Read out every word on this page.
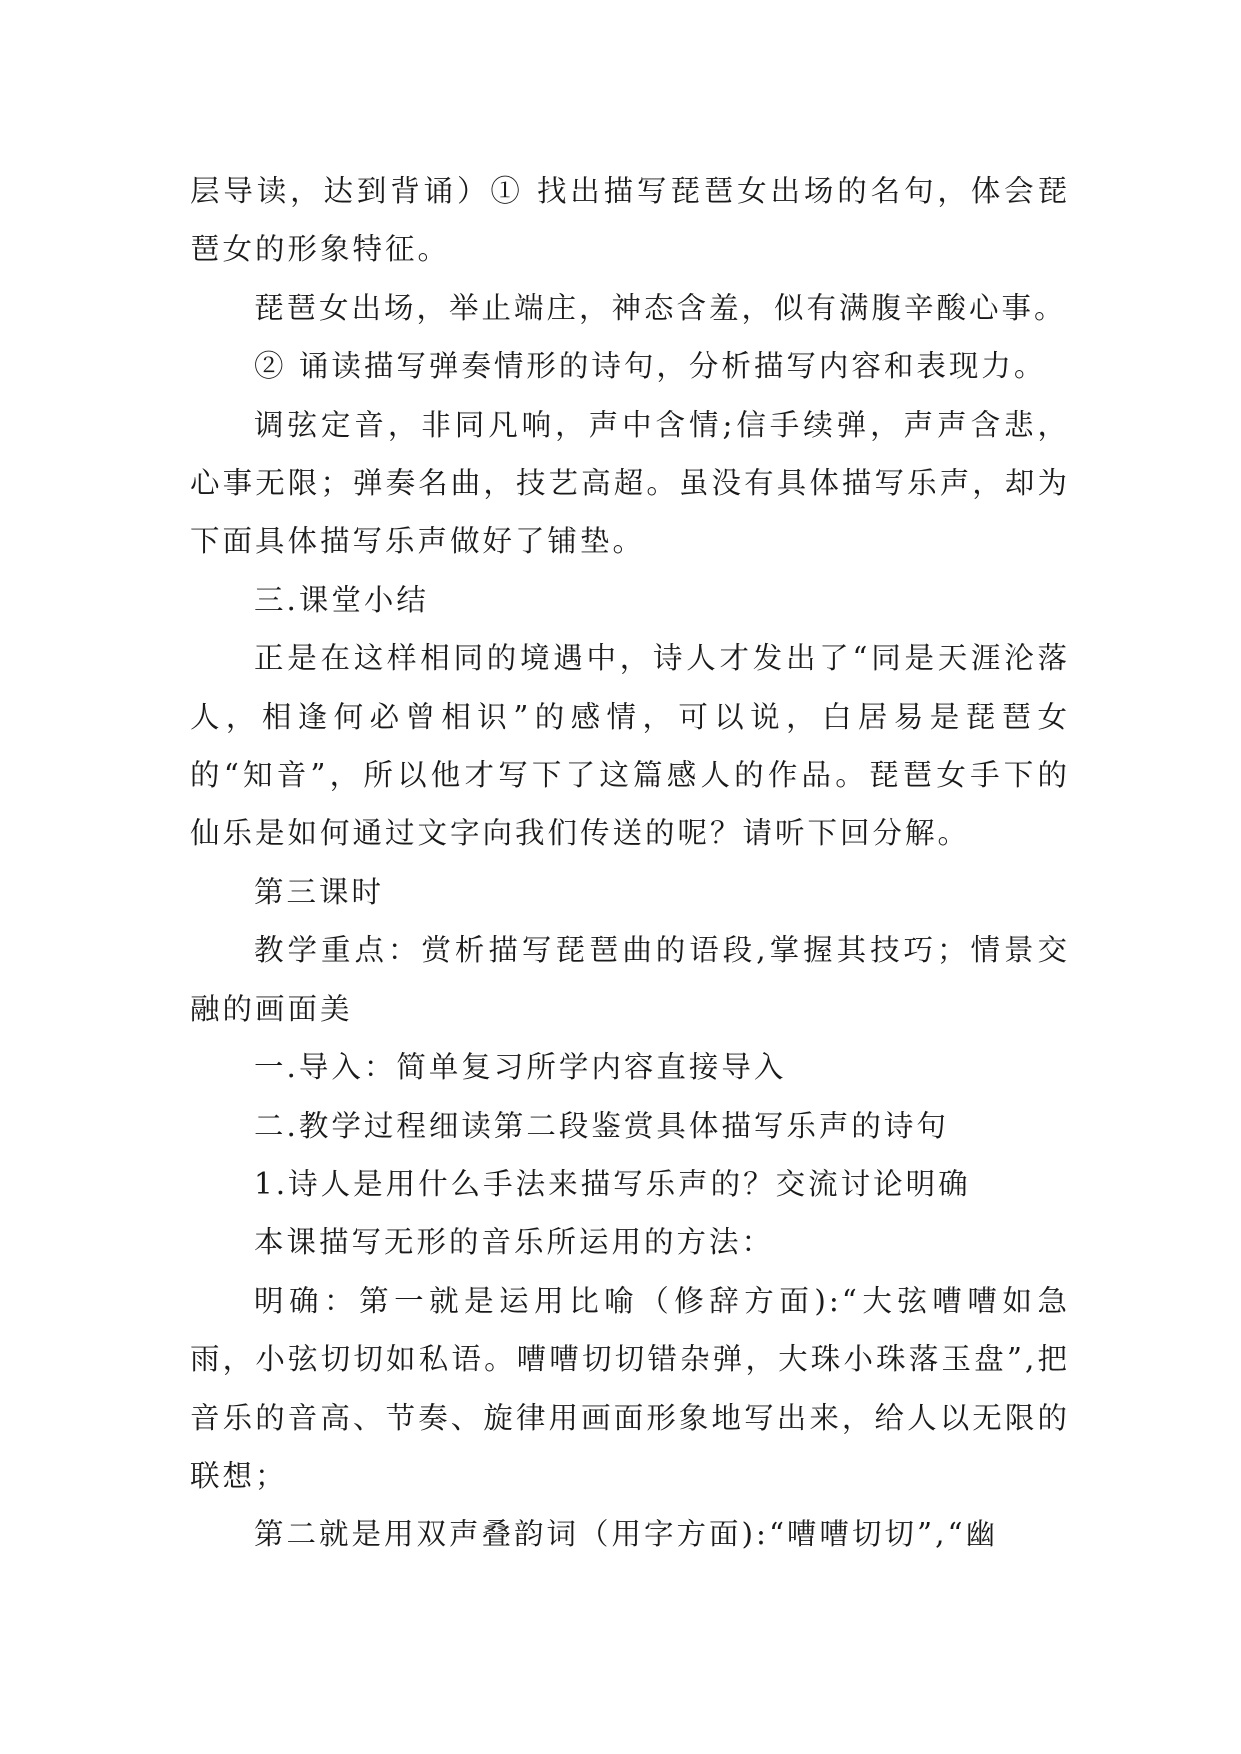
层导读，达到背诵）① 找出描写琵琶女出场的名句，体会琵琶女的形象特征。

琵琶女出场，举止端庄，神态含羞，似有满腹辛酸心事。

② 诵读描写弹奏情形的诗句，分析描写内容和表现力。

调弦定音，非同凡响，声中含情;信手续弹，声声含悲，心事无限；弹奏名曲，技艺高超。虽没有具体描写乐声，却为下面具体描写乐声做好了铺垫。

三.课堂小结

正是在这样相同的境遇中，诗人才发出了“同是天涯沦落人，相逢何必曾相识”的感情，可以说，白居易是琵琶女的“知音”，所以他才写下了这篇感人的作品。琵琶女手下的仙乐是如何通过文字向我们传送的呢？请听下回分解。

第三课时

教学重点：赏析描写琵琶曲的语段,掌握其技巧；情景交融的画面美

一.导入：简单复习所学内容直接导入

二.教学过程细读第二段鉴赏具体描写乐声的诗句

1.诗人是用什么手法来描写乐声的？交流讨论明确

本课描写无形的音乐所运用的方法：

明确：第一就是运用比喻（修辞方面):“大弦嘈嘈如急雨，小弦切切如私语。嘈嘈切切错杂弹，大珠小珠落玉盘”,把音乐的音高、节奏、旋律用画面形象地写出来，给人以无限的联想；

第二就是用双声叠韵词（用字方面):“嘈嘈切切”,“幽
